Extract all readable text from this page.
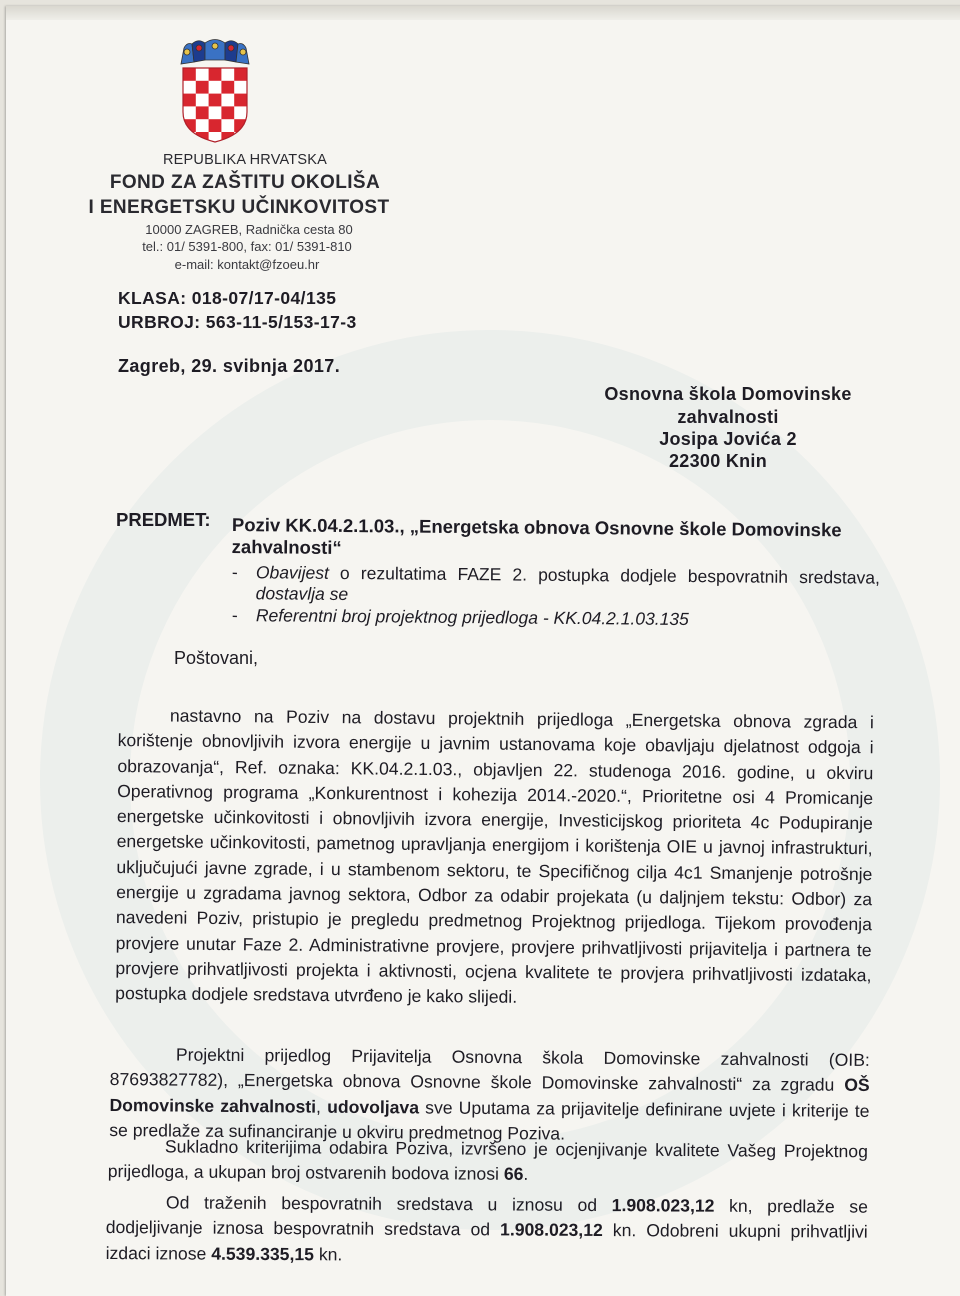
REPUBLIKA HRVATSKA
FOND ZA ZAŠTITU OKOLIŠA
I ENERGETSKU UČINKOVITOST
10000 ZAGREB, Radnička cesta 80
tel.: 01/ 5391-800, fax: 01/ 5391-810
e-mail: kontakt@fzoeu.hr
KLASA: 018-07/17-04/135
URBROJ: 563-11-5/153-17-3
Zagreb, 29. svibnja 2017.
Osnovna škola Domovinske
zahvalnosti
Josipa Jovića 2
22300 Knin
PREDMET: Poziv KK.04.2.1.03., „Energetska obnova Osnovne škole Domovinske zahvalnosti“
- Obavijest o rezultatima FAZE 2. postupka dodjele bespovratnih sredstava, dostavlja se
- Referentni broj projektnog prijedloga - KK.04.2.1.03.135
Poštovani,
nastavno na Poziv na dostavu projektnih prijedloga „Energetska obnova zgrada i korištenje obnovljivih izvora energije u javnim ustanovama koje obavljaju djelatnost odgoja i obrazovanja“, Ref. oznaka: KK.04.2.1.03., objavljen 22. studenoga 2016. godine, u okviru Operativnog programa „Konkurentnost i kohezija 2014.-2020.“, Prioritetne osi 4 Promicanje energetske učinkovitosti i obnovljivih izvora energije, Investicijskog prioriteta 4c Podupiranje energetske učinkovitosti, pametnog upravljanja energijom i korištenja OIE u javnoj infrastrukturi, uključujući javne zgrade, i u stambenom sektoru, te Specifičnog cilja 4c1 Smanjenje potrošnje energije u zgradama javnog sektora, Odbor za odabir projekata (u daljnjem tekstu: Odbor) za navedeni Poziv, pristupio je pregledu predmetnog Projektnog prijedloga. Tijekom provođenja provjere unutar Faze 2. Administrativne provjere, provjere prihvatljivosti prijavitelja i partnera te provjere prihvatljivosti projekta i aktivnosti, ocjena kvalitete te provjera prihvatljivosti izdataka, postupka dodjele sredstava utvrđeno je kako slijedi.
Projektni prijedlog Prijavitelja Osnovna škola Domovinske zahvalnosti (OIB: 87693827782), „Energetska obnova Osnovne škole Domovinske zahvalnosti“ za zgradu OŠ Domovinske zahvalnosti, udovoljava sve Uputama za prijavitelje definirane uvjete i kriterije te se predlaže za sufinanciranje u okviru predmetnog Poziva.
Sukladno kriterijima odabira Poziva, izvršeno je ocjenjivanje kvalitete Vašeg Projektnog prijedloga, a ukupan broj ostvarenih bodova iznosi 66.
Od traženih bespovratnih sredstava u iznosu od 1.908.023,12 kn, predlaže se dodjeljivanje iznosa bespovratnih sredstava od 1.908.023,12 kn. Odobreni ukupni prihvatljivi izdaci iznose 4.539.335,15 kn.
